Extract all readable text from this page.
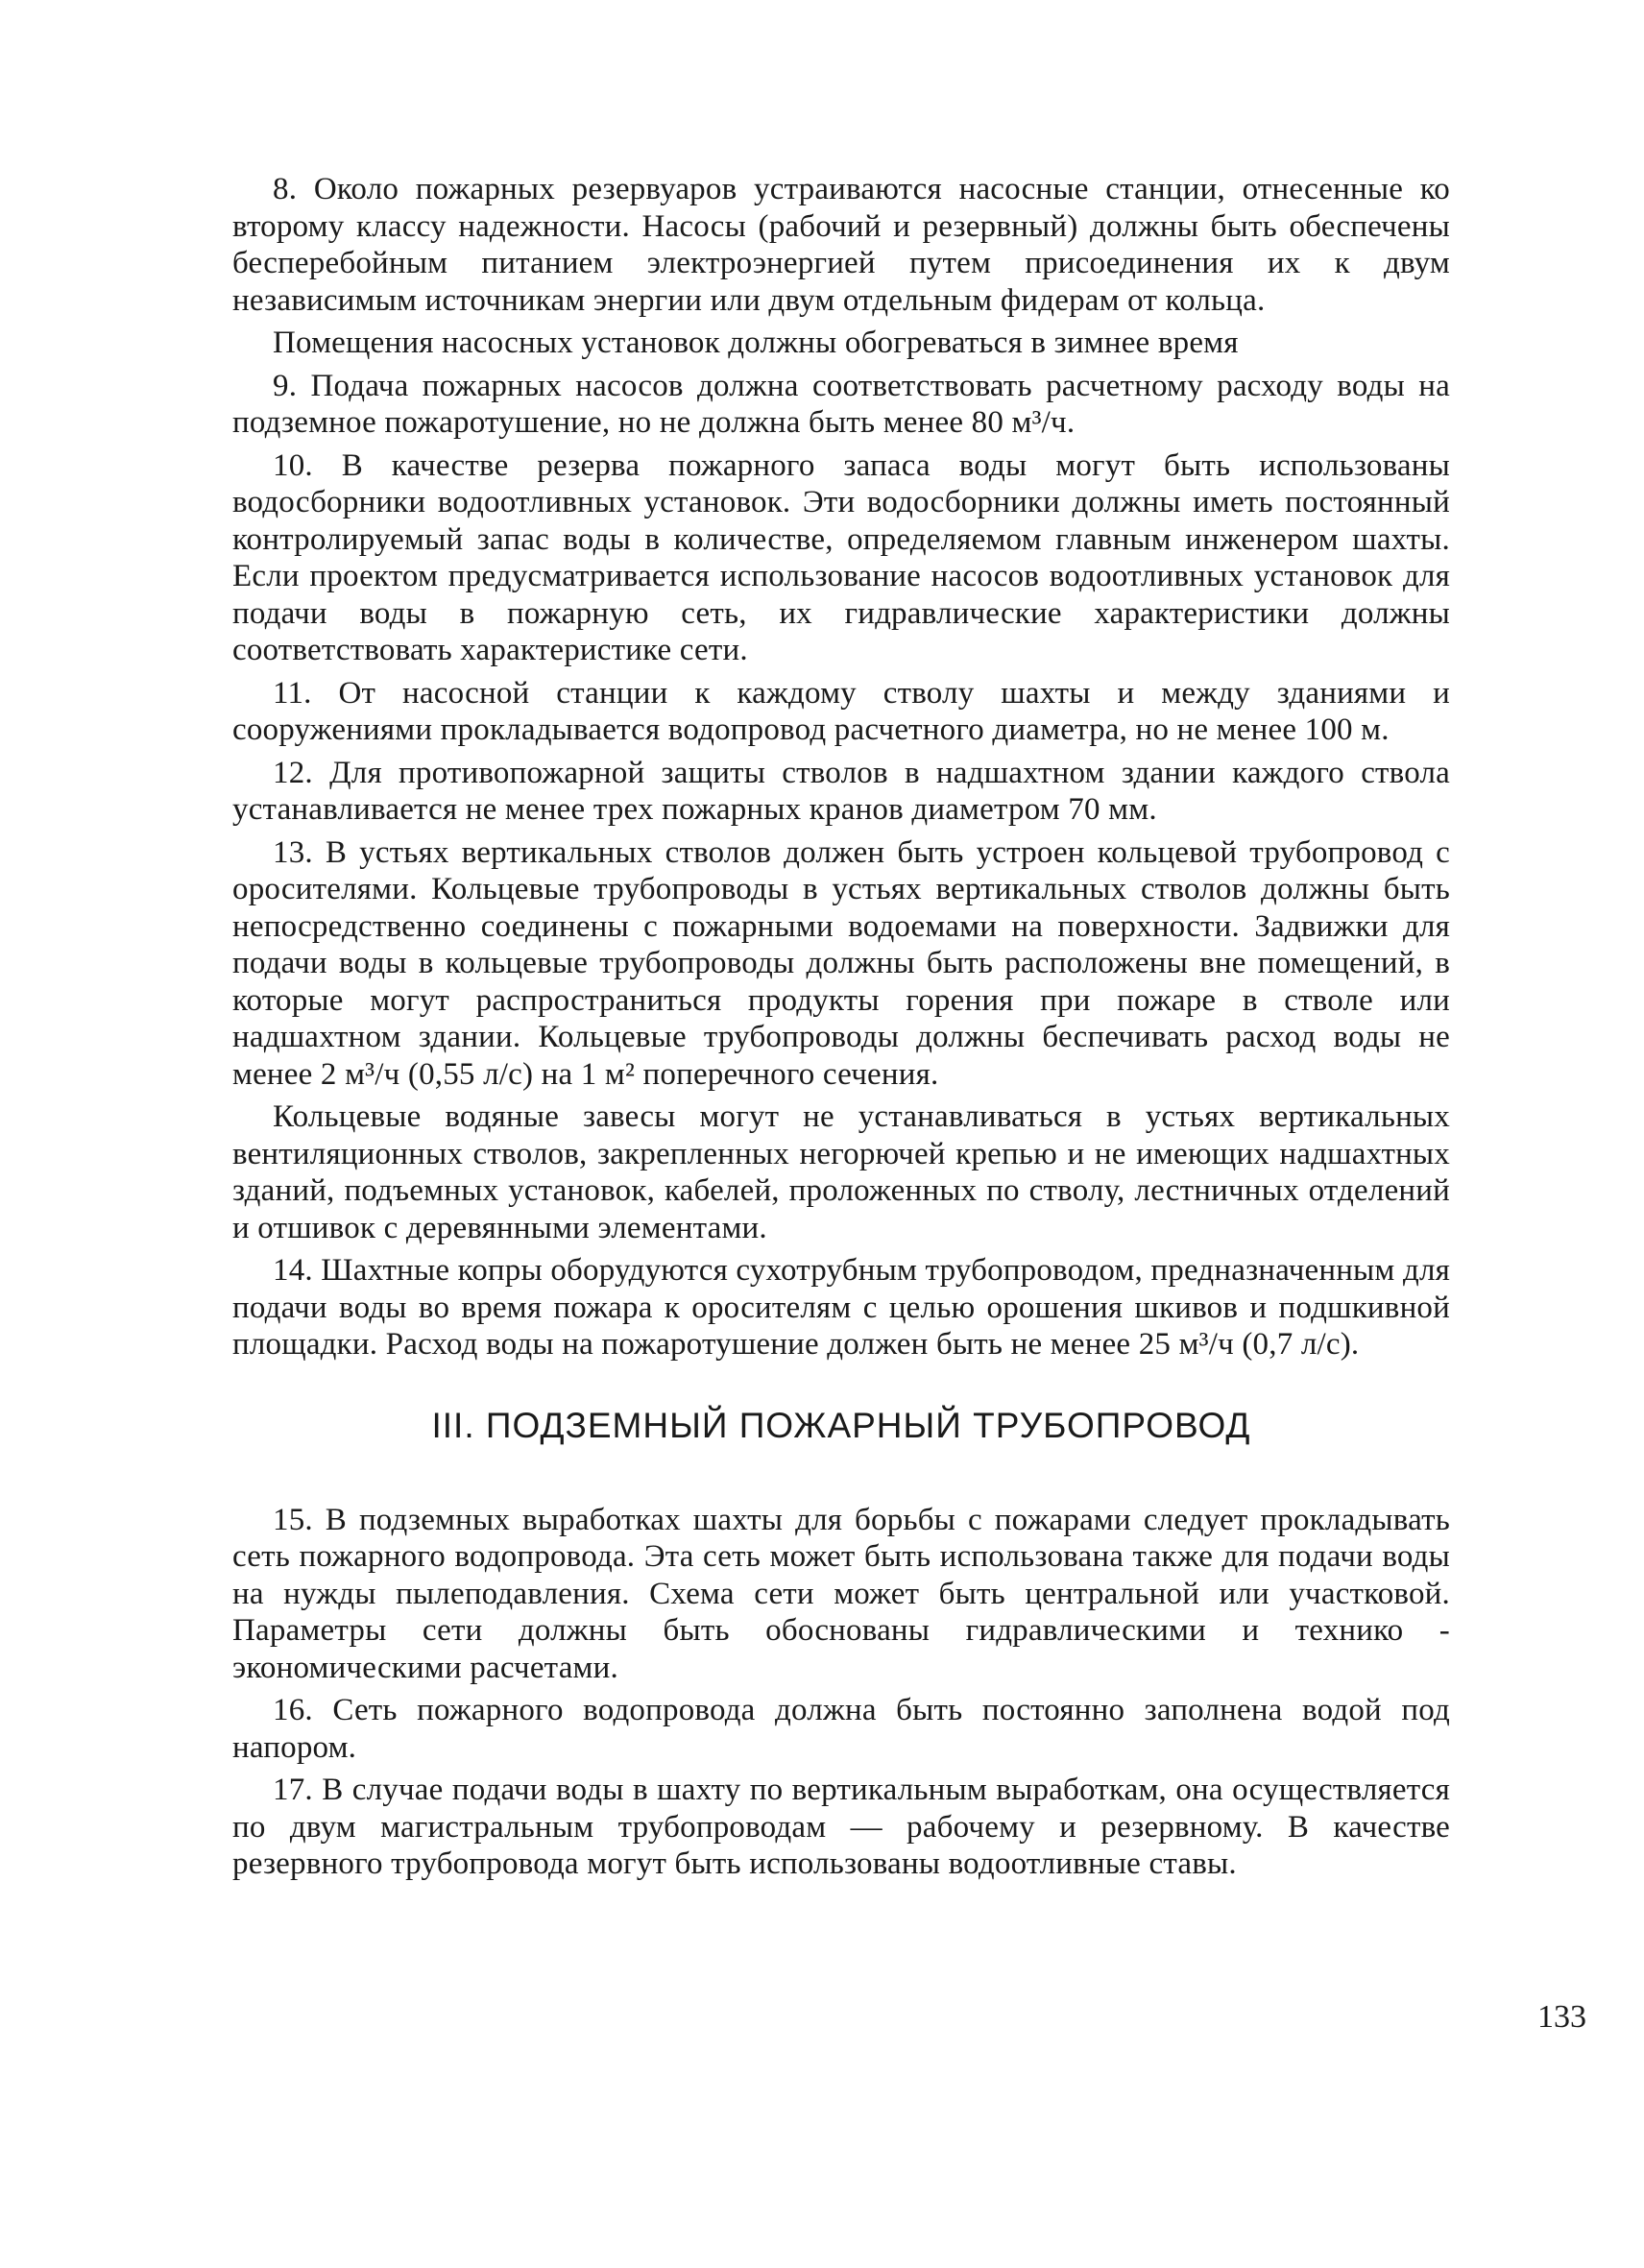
8. Около пожарных резервуаров устраиваются насосные станции, отнесенные ко второму классу надежности. Насосы (рабочий и резервный) должны быть обеспечены бесперебойным питанием электроэнергией путем присоединения их к двум независимым источникам энергии или двум отдельным фидерам от кольца.

Помещения насосных установок должны обогреваться в зимнее время

9. Подача пожарных насосов должна соответствовать расчетному расходу воды на подземное пожаротушение, но не должна быть менее 80 м³/ч.

10. В качестве резерва пожарного запаса воды могут быть использованы водосборники водоотливных установок. Эти водосборники должны иметь постоянный контролируемый запас воды в количестве, определяемом главным инженером шахты. Если проектом предусматривается использование насосов водоотливных установок для подачи воды в пожарную сеть, их гидравлические характеристики должны соответствовать характеристике сети.

11. От насосной станции к каждому стволу шахты и между зданиями и сооружениями прокладывается водопровод расчетного диаметра, но не менее 100 м.

12. Для противопожарной защиты стволов в надшахтном здании каждого ствола устанавливается не менее трех пожарных кранов диаметром 70 мм.

13. В устьях вертикальных стволов должен быть устроен кольцевой трубопровод с оросителями. Кольцевые трубопроводы в устьях вертикальных стволов должны быть непосредственно соединены с пожарными водоемами на поверхности. Задвижки для подачи воды в кольцевые трубопроводы должны быть расположены вне помещений, в которые могут распространиться продукты горения при пожаре в стволе или надшахтном здании. Кольцевые трубопроводы должны беспечивать расход воды не менее 2 м³/ч (0,55 л/с) на 1 м² поперечного сечения.

Кольцевые водяные завесы могут не устанавливаться в устьях вертикальных вентиляционных стволов, закрепленных негорючей крепью и не имеющих надшахтных зданий, подъемных установок, кабелей, проложенных по стволу, лестничных отделений и отшивок с деревянными элементами.

14. Шахтные копры оборудуются сухотрубным трубопроводом, предназначенным для подачи воды во время пожара к оросителям с целью орошения шкивов и подшкивной площадки. Расход воды на пожаротушение должен быть не менее 25 м³/ч (0,7 л/с).

III. ПОДЗЕМНЫЙ ПОЖАРНЫЙ ТРУБОПРОВОД

15. В подземных выработках шахты для борьбы с пожарами следует прокладывать сеть пожарного водопровода. Эта сеть может быть использована также для подачи воды на нужды пылеподавления. Схема сети может быть центральной или участковой. Параметры сети должны быть обоснованы гидравлическими и технико - экономическими расчетами.

16. Сеть пожарного водопровода должна быть постоянно заполнена водой под напором.

17. В случае подачи воды в шахту по вертикальным выработкам, она осуществляется по двум магистральным трубопроводам — рабочему и резервному. В качестве резервного трубопровода могут быть использованы водоотливные ставы.

133
